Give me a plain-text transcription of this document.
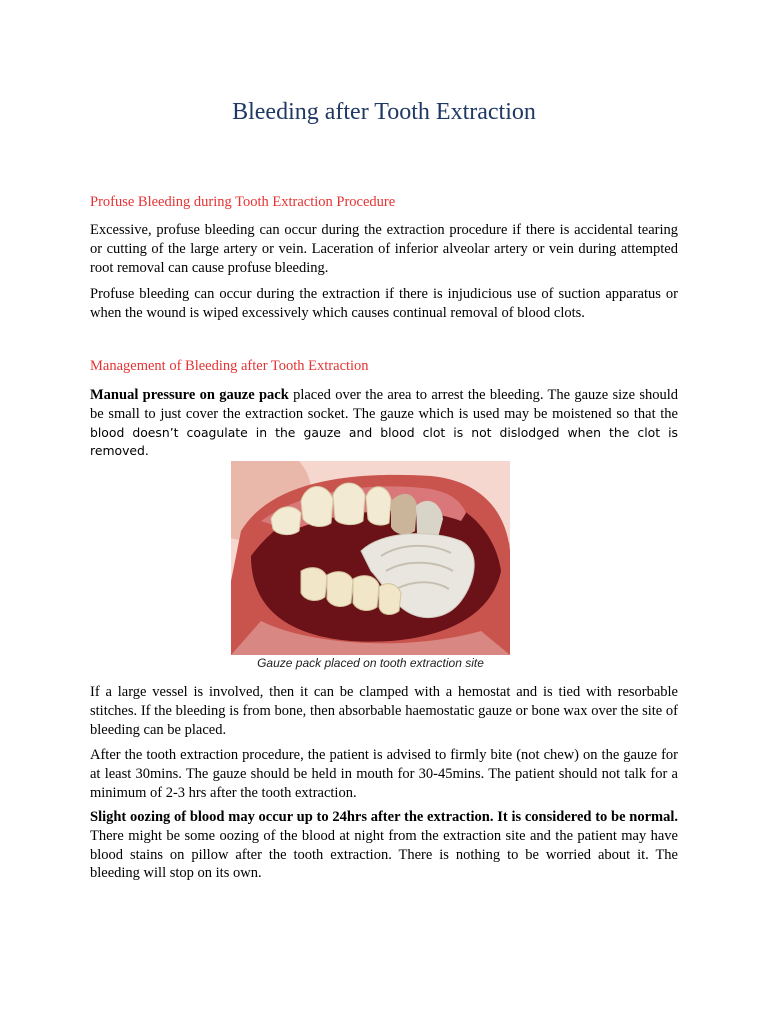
Bleeding after Tooth Extraction
Profuse Bleeding during Tooth Extraction Procedure
Excessive, profuse bleeding can occur during the extraction procedure if there is accidental tearing or cutting of the large artery or vein. Laceration of inferior alveolar artery or vein during attempted root removal can cause profuse bleeding.
Profuse bleeding can occur during the extraction if there is injudicious use of suction apparatus or when the wound is wiped excessively which causes continual removal of blood clots.
Management of Bleeding after Tooth Extraction
Manual pressure on gauze pack placed over the area to arrest the bleeding. The gauze size should be small to just cover the extraction socket. The gauze which is used may be moistened so that the blood doesn’t coagulate in the gauze and blood clot is not dislodged when the clot is removed.
Gauze pack placed on tooth extraction site
If a large vessel is involved, then it can be clamped with a hemostat and is tied with resorbable stitches. If the bleeding is from bone, then absorbable haemostatic gauze or bone wax over the site of bleeding can be placed.
After the tooth extraction procedure, the patient is advised to firmly bite (not chew) on the gauze for at least 30mins. The gauze should be held in mouth for 30-45mins. The patient should not talk for a minimum of 2-3 hrs after the tooth extraction.
Slight oozing of blood may occur up to 24hrs after the extraction. It is considered to be normal. There might be some oozing of the blood at night from the extraction site and the patient may have blood stains on pillow after the tooth extraction. There is nothing to be worried about it. The bleeding will stop on its own.
